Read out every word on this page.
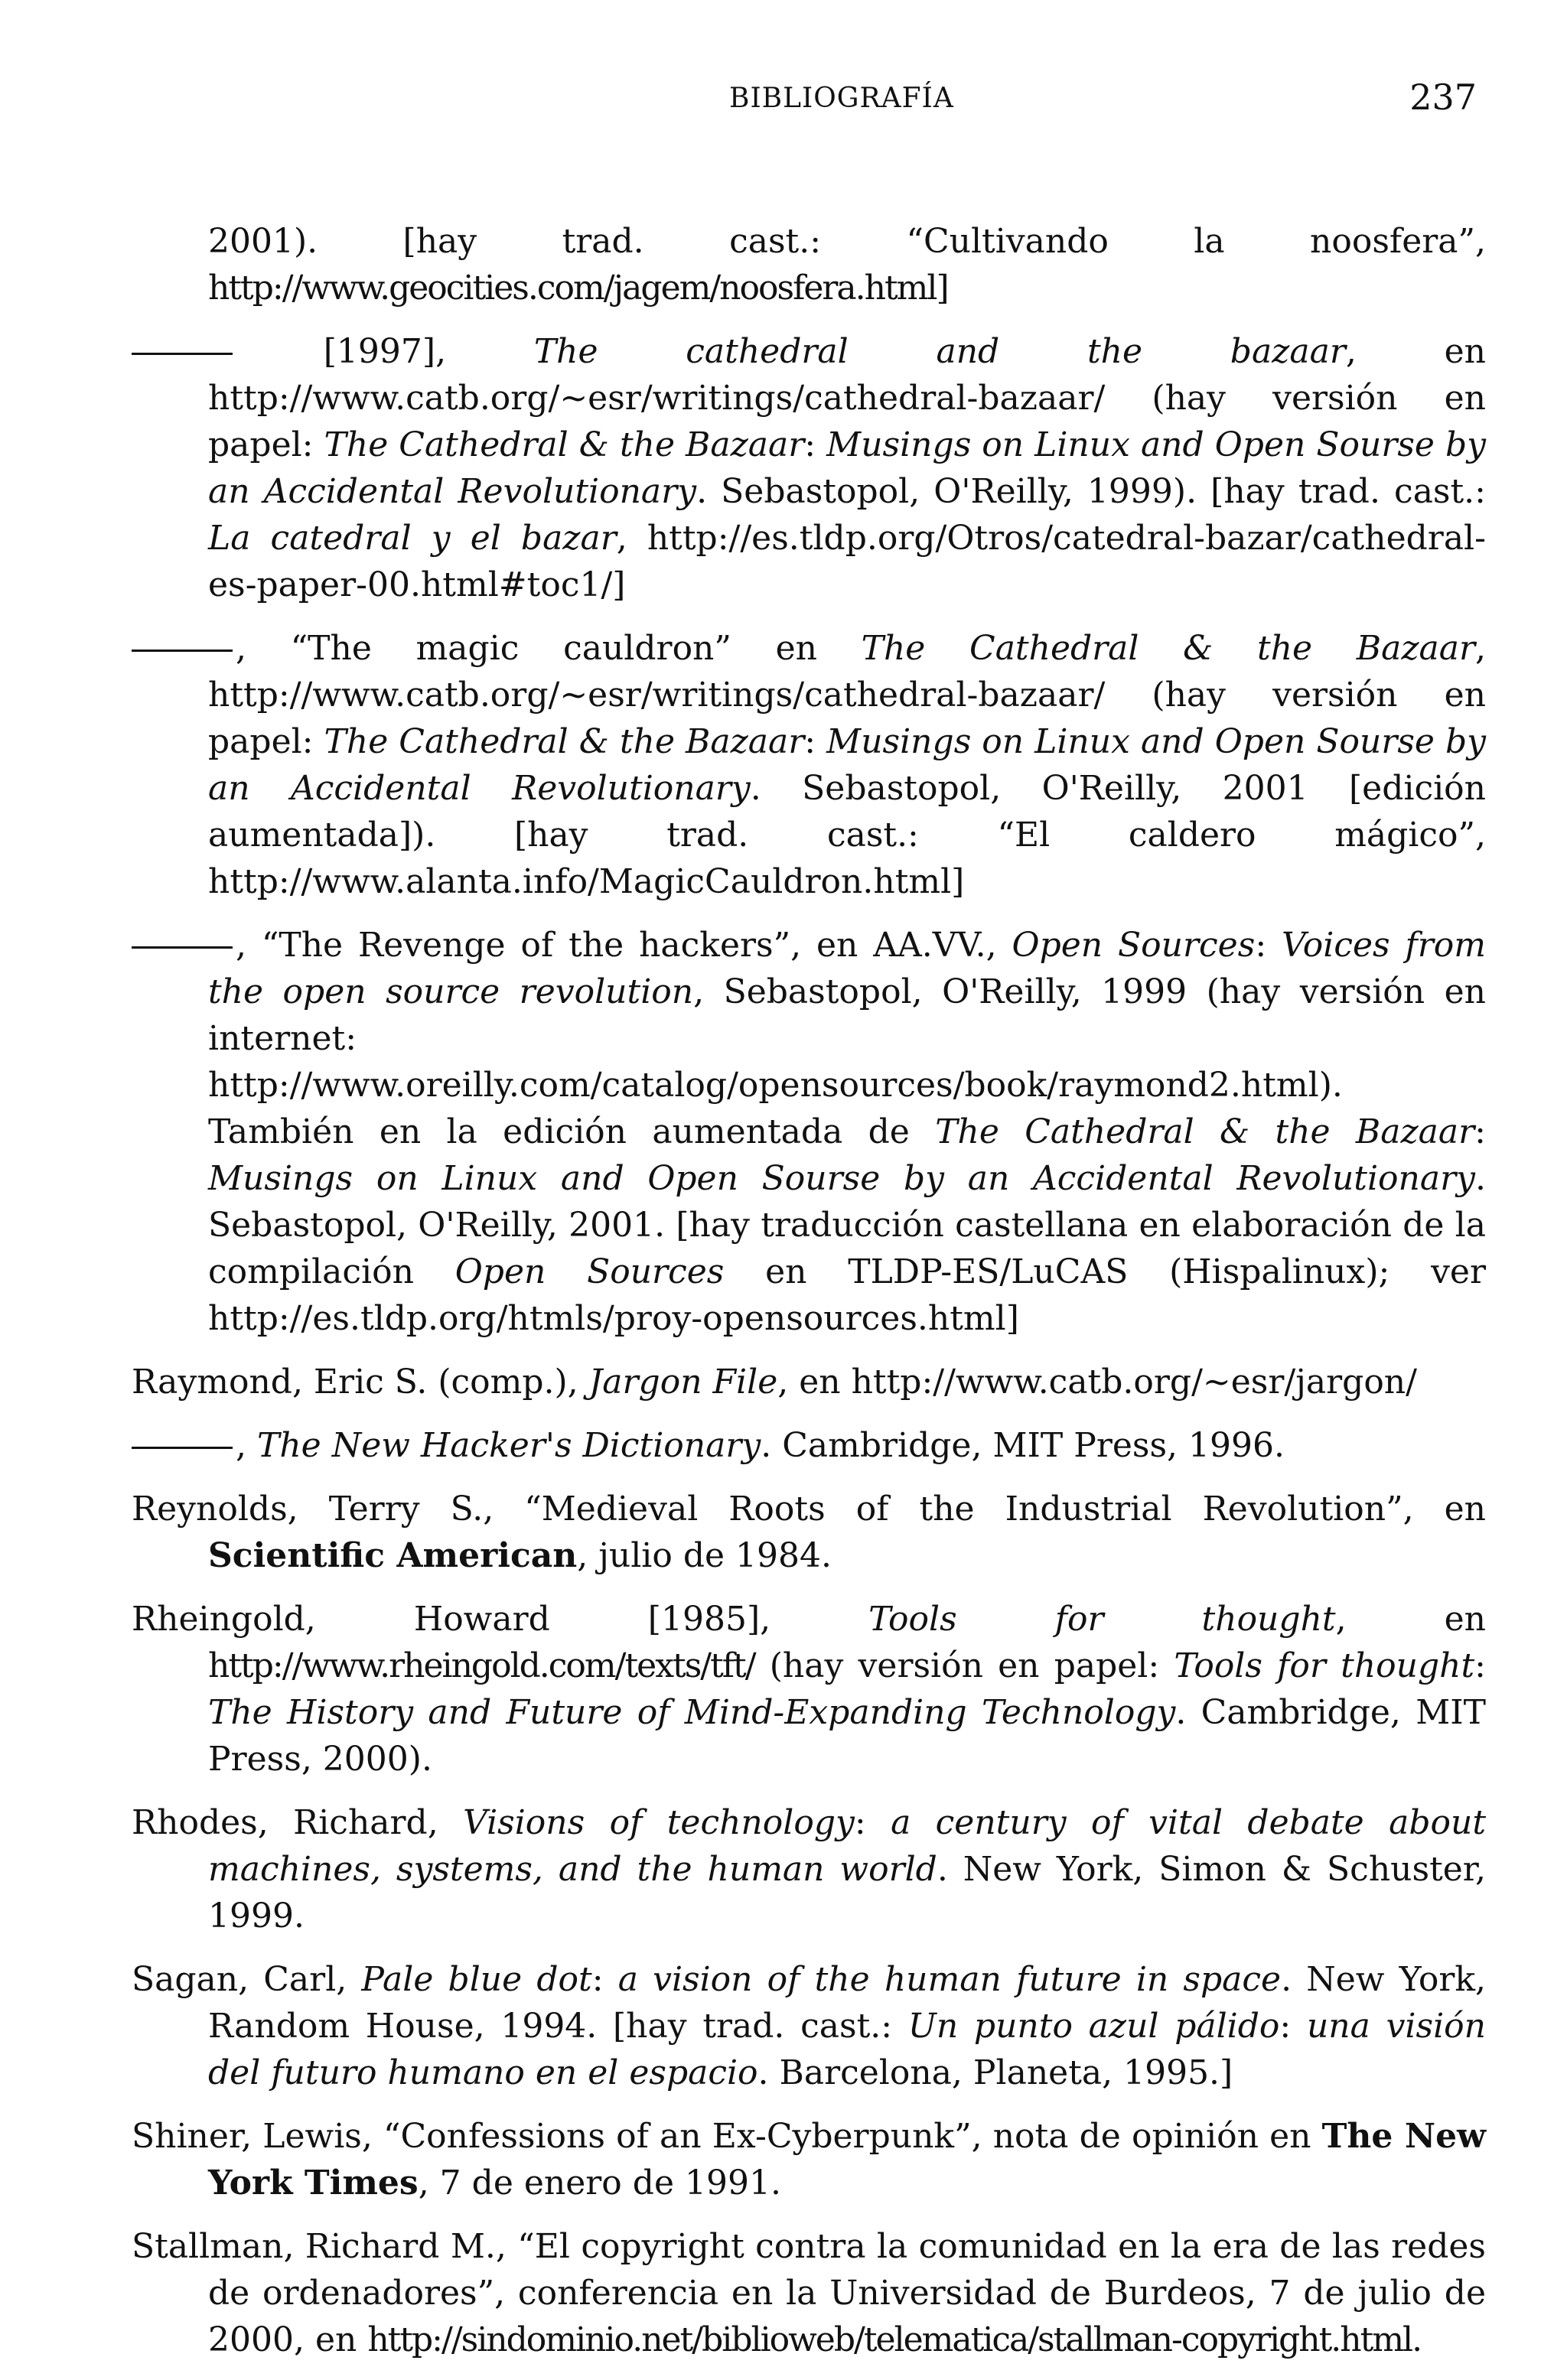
BIBLIOGRAFÍA	237
2001). [hay trad. cast.: “Cultivando la noosfera”, http://www.geocities.com/jagem/noosfera.html]
[1997], The cathedral and the bazaar, en http://www.catb.org/~esr/writings/cathedral-bazaar/ (hay versión en papel: The Cathedral & the Bazaar: Musings on Linux and Open Sourse by an Accidental Revolutionary. Sebastopol, O'Reilly, 1999). [hay trad. cast.: La catedral y el bazar, http://es.tldp.org/Otros/catedral-bazar/cathedral-es-paper-00.html#toc1/]
, “The magic cauldron” en The Cathedral & the Bazaar, http://www.catb.org/~esr/writings/cathedral-bazaar/ (hay versión en papel: The Cathedral & the Bazaar: Musings on Linux and Open Sourse by an Accidental Revolutionary. Sebastopol, O'Reilly, 2001 [edición aumentada]). [hay trad. cast.: “El caldero mágico”, http://www.alanta.info/MagicCauldron.html]
, “The Revenge of the hackers”, en AA.VV., Open Sources: Voices from the open source revolution, Sebastopol, O'Reilly, 1999 (hay versión en internet: http://www.oreilly.com/catalog/opensources/book/raymond2.html). También en la edición aumentada de The Cathedral & the Bazaar: Musings on Linux and Open Sourse by an Accidental Revolutionary. Sebastopol, O'Reilly, 2001. [hay traducción castellana en elaboración de la compilación Open Sources en TLDP-ES/LuCAS (Hispalinux); ver http://es.tldp.org/htmls/proy-opensources.html]
Raymond, Eric S. (comp.), Jargon File, en http://www.catb.org/~esr/jargon/
, The New Hacker's Dictionary. Cambridge, MIT Press, 1996.
Reynolds, Terry S., “Medieval Roots of the Industrial Revolution”, en Scientific American, julio de 1984.
Rheingold, Howard [1985], Tools for thought, en http://www.rheingold.com/texts/tft/ (hay versión en papel: Tools for thought: The History and Future of Mind-Expanding Technology. Cambridge, MIT Press, 2000).
Rhodes, Richard, Visions of technology: a century of vital debate about machines, systems, and the human world. New York, Simon & Schuster, 1999.
Sagan, Carl, Pale blue dot: a vision of the human future in space. New York, Random House, 1994. [hay trad. cast.: Un punto azul pálido: una visión del futuro humano en el espacio. Barcelona, Planeta, 1995.]
Shiner, Lewis, “Confessions of an Ex-Cyberpunk”, nota de opinión en The New York Times, 7 de enero de 1991.
Stallman, Richard M., “El copyright contra la comunidad en la era de las redes de ordenadores”, conferencia en la Universidad de Burdeos, 7 de julio de 2000, en http://sindominio.net/biblioweb/telematica/stallman-copyright.html.
